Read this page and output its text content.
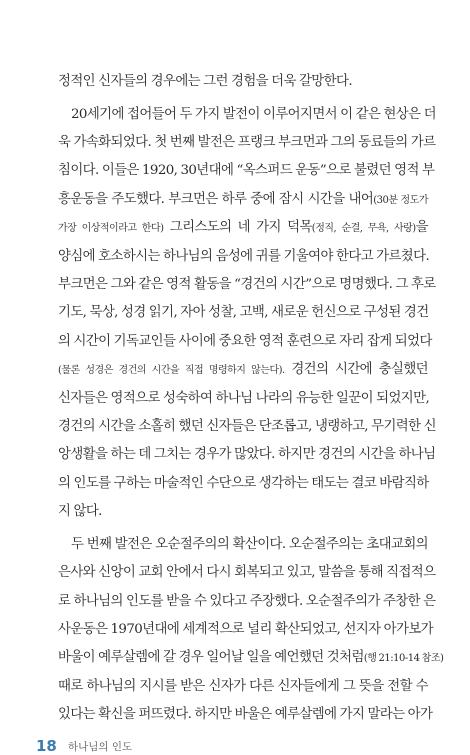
정적인 신자들의 경우에는 그런 경험을 더욱 갈망한다.
20세기에 접어들어 두 가지 발전이 이루어지면서 이 같은 현상은 더
욱 가속화되었다. 첫 번째 발전은 프랭크 부크먼과 그의 동료들의 가르
침이다. 이들은 1920, 30년대에 “옥스퍼드 운동”으로 불렸던 영적 부
흥운동을 주도했다. 부크먼은 하루 중에 잠시 시간을 내어(30분 정도가
가장 이상적이라고 한다) 그리스도의 네 가지 덕목(정직, 순결, 무욕, 사랑)을
양심에 호소하시는 하나님의 음성에 귀를 기울여야 한다고 가르쳤다.
부크먼은 그와 같은 영적 활동을 “경건의 시간”으로 명명했다. 그 후로
기도, 묵상, 성경 읽기, 자아 성찰, 고백, 새로운 헌신으로 구성된 경건
의 시간이 기독교인들 사이에 중요한 영적 훈련으로 자리 잡게 되었다
(물론 성경은 경건의 시간을 직접 명령하지 않는다). 경건의 시간에 충실했던
신자들은 영적으로 성숙하여 하나님 나라의 유능한 일꾼이 되었지만,
경건의 시간을 소홀히 했던 신자들은 단조롭고, 냉랭하고, 무기력한 신
앙생활을 하는 데 그치는 경우가 많았다. 하지만 경건의 시간을 하나님
의 인도를 구하는 마술적인 수단으로 생각하는 태도는 결코 바람직하
지 않다.
두 번째 발전은 오순절주의의 확산이다. 오순절주의는 초대교회의
은사와 신앙이 교회 안에서 다시 회복되고 있고, 말씀을 통해 직접적으
로 하나님의 인도를 받을 수 있다고 주장했다. 오순절주의가 주창한 은
사운동은 1970년대에 세계적으로 널리 확산되었고, 선지자 아가보가
바울이 예루살렘에 갈 경우 일어날 일을 예언했던 것처럼(행 21:10-14 참조)
때로 하나님의 지시를 받은 신자가 다른 신자들에게 그 뜻을 전할 수
있다는 확신을 퍼뜨렸다. 하지만 바울은 예루살렘에 가지 말라는 아가
18 하나님의 인도
